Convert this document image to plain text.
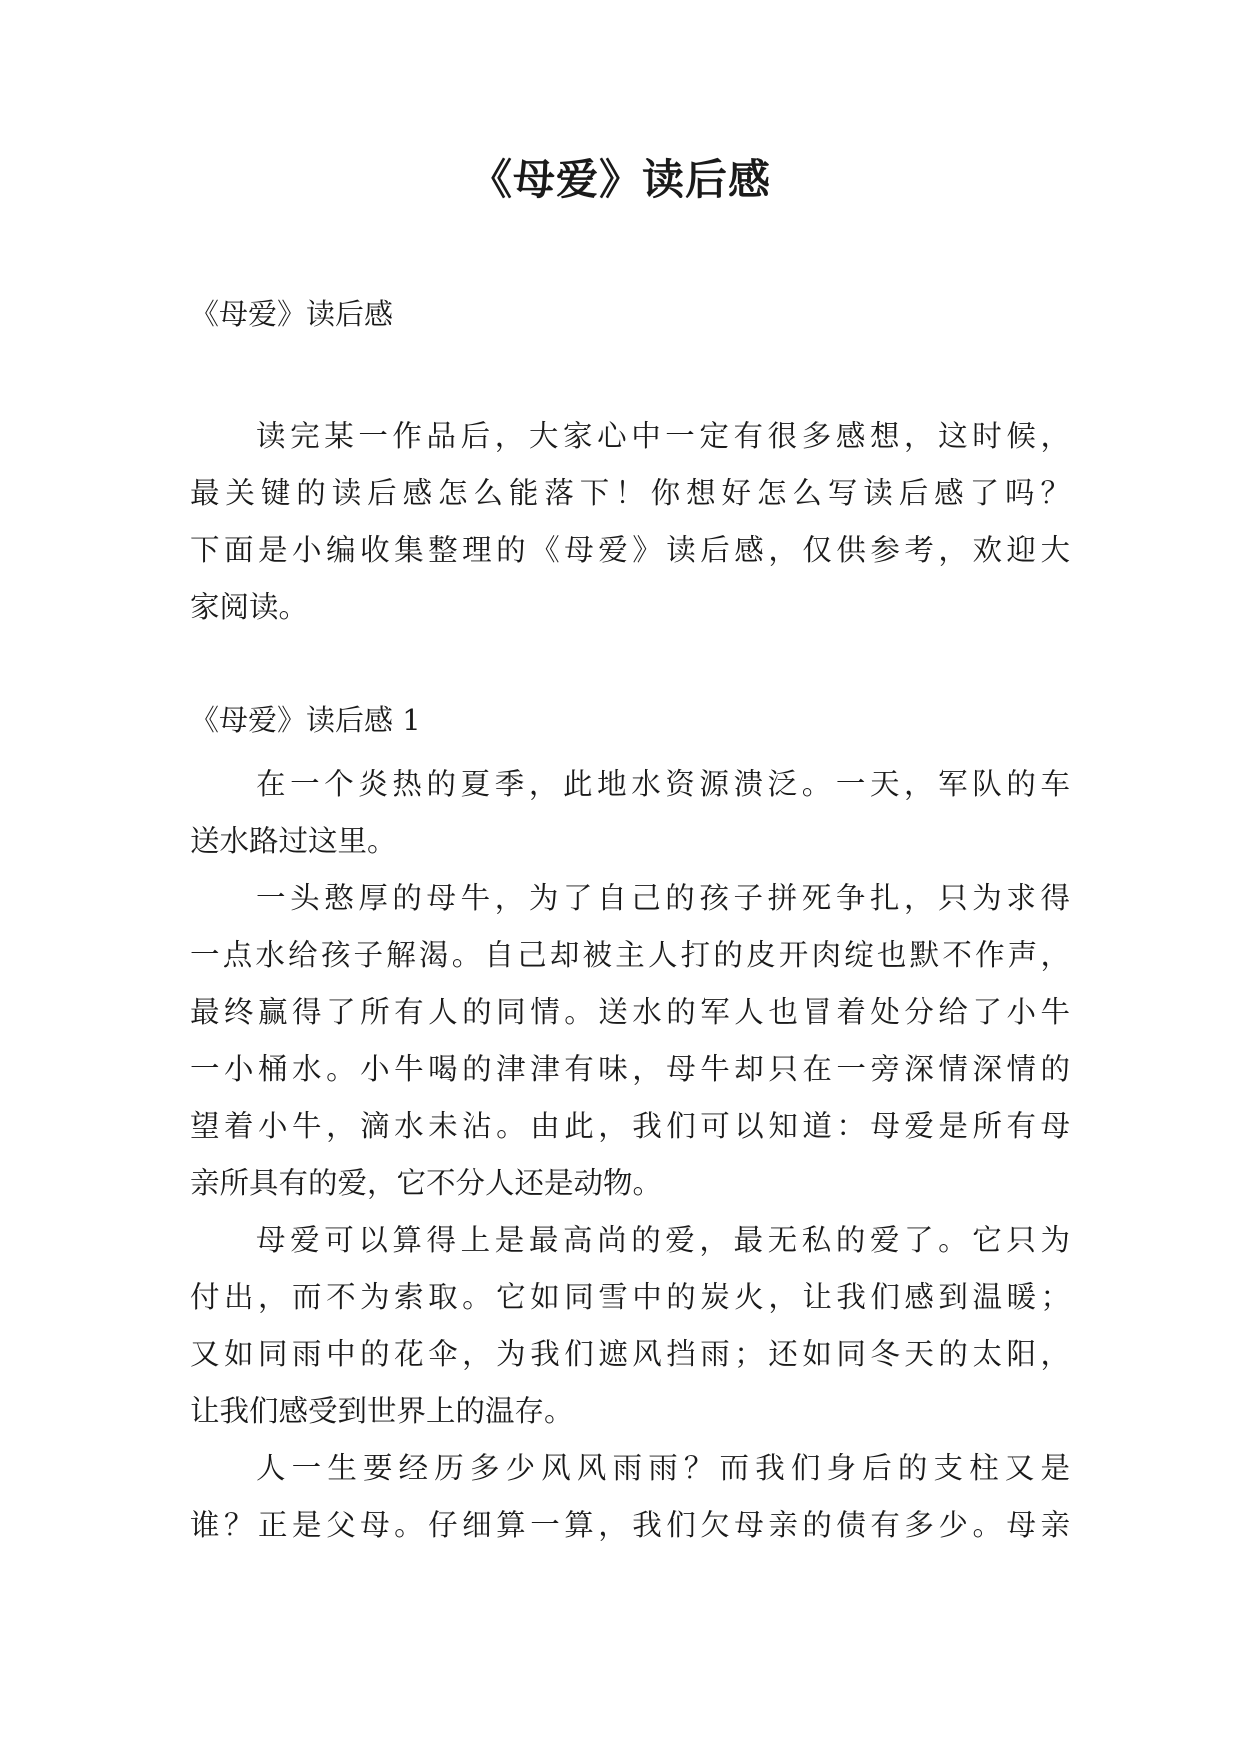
《母爱》读后感
《母爱》读后感
读完某一作品后，大家心中一定有很多感想，这时候，
最关键的读后感怎么能落下！你想好怎么写读后感了吗？
下面是小编收集整理的《母爱》读后感，仅供参考，欢迎大
家阅读。
《母爱》读后感 1
在一个炎热的夏季，此地水资源溃泛。一天，军队的车
送水路过这里。
一头憨厚的母牛，为了自己的孩子拼死争扎，只为求得
一点水给孩子解渴。自己却被主人打的皮开肉绽也默不作声，
最终赢得了所有人的同情。送水的军人也冒着处分给了小牛
一小桶水。小牛喝的津津有味，母牛却只在一旁深情深情的
望着小牛，滴水未沾。由此，我们可以知道：母爱是所有母
亲所具有的爱，它不分人还是动物。
母爱可以算得上是最高尚的爱，最无私的爱了。它只为
付出，而不为索取。它如同雪中的炭火，让我们感到温暖；
又如同雨中的花伞，为我们遮风挡雨；还如同冬天的太阳，
让我们感受到世界上的温存。
人一生要经历多少风风雨雨？而我们身后的支柱又是
谁？正是父母。仔细算一算，我们欠母亲的债有多少。母亲
